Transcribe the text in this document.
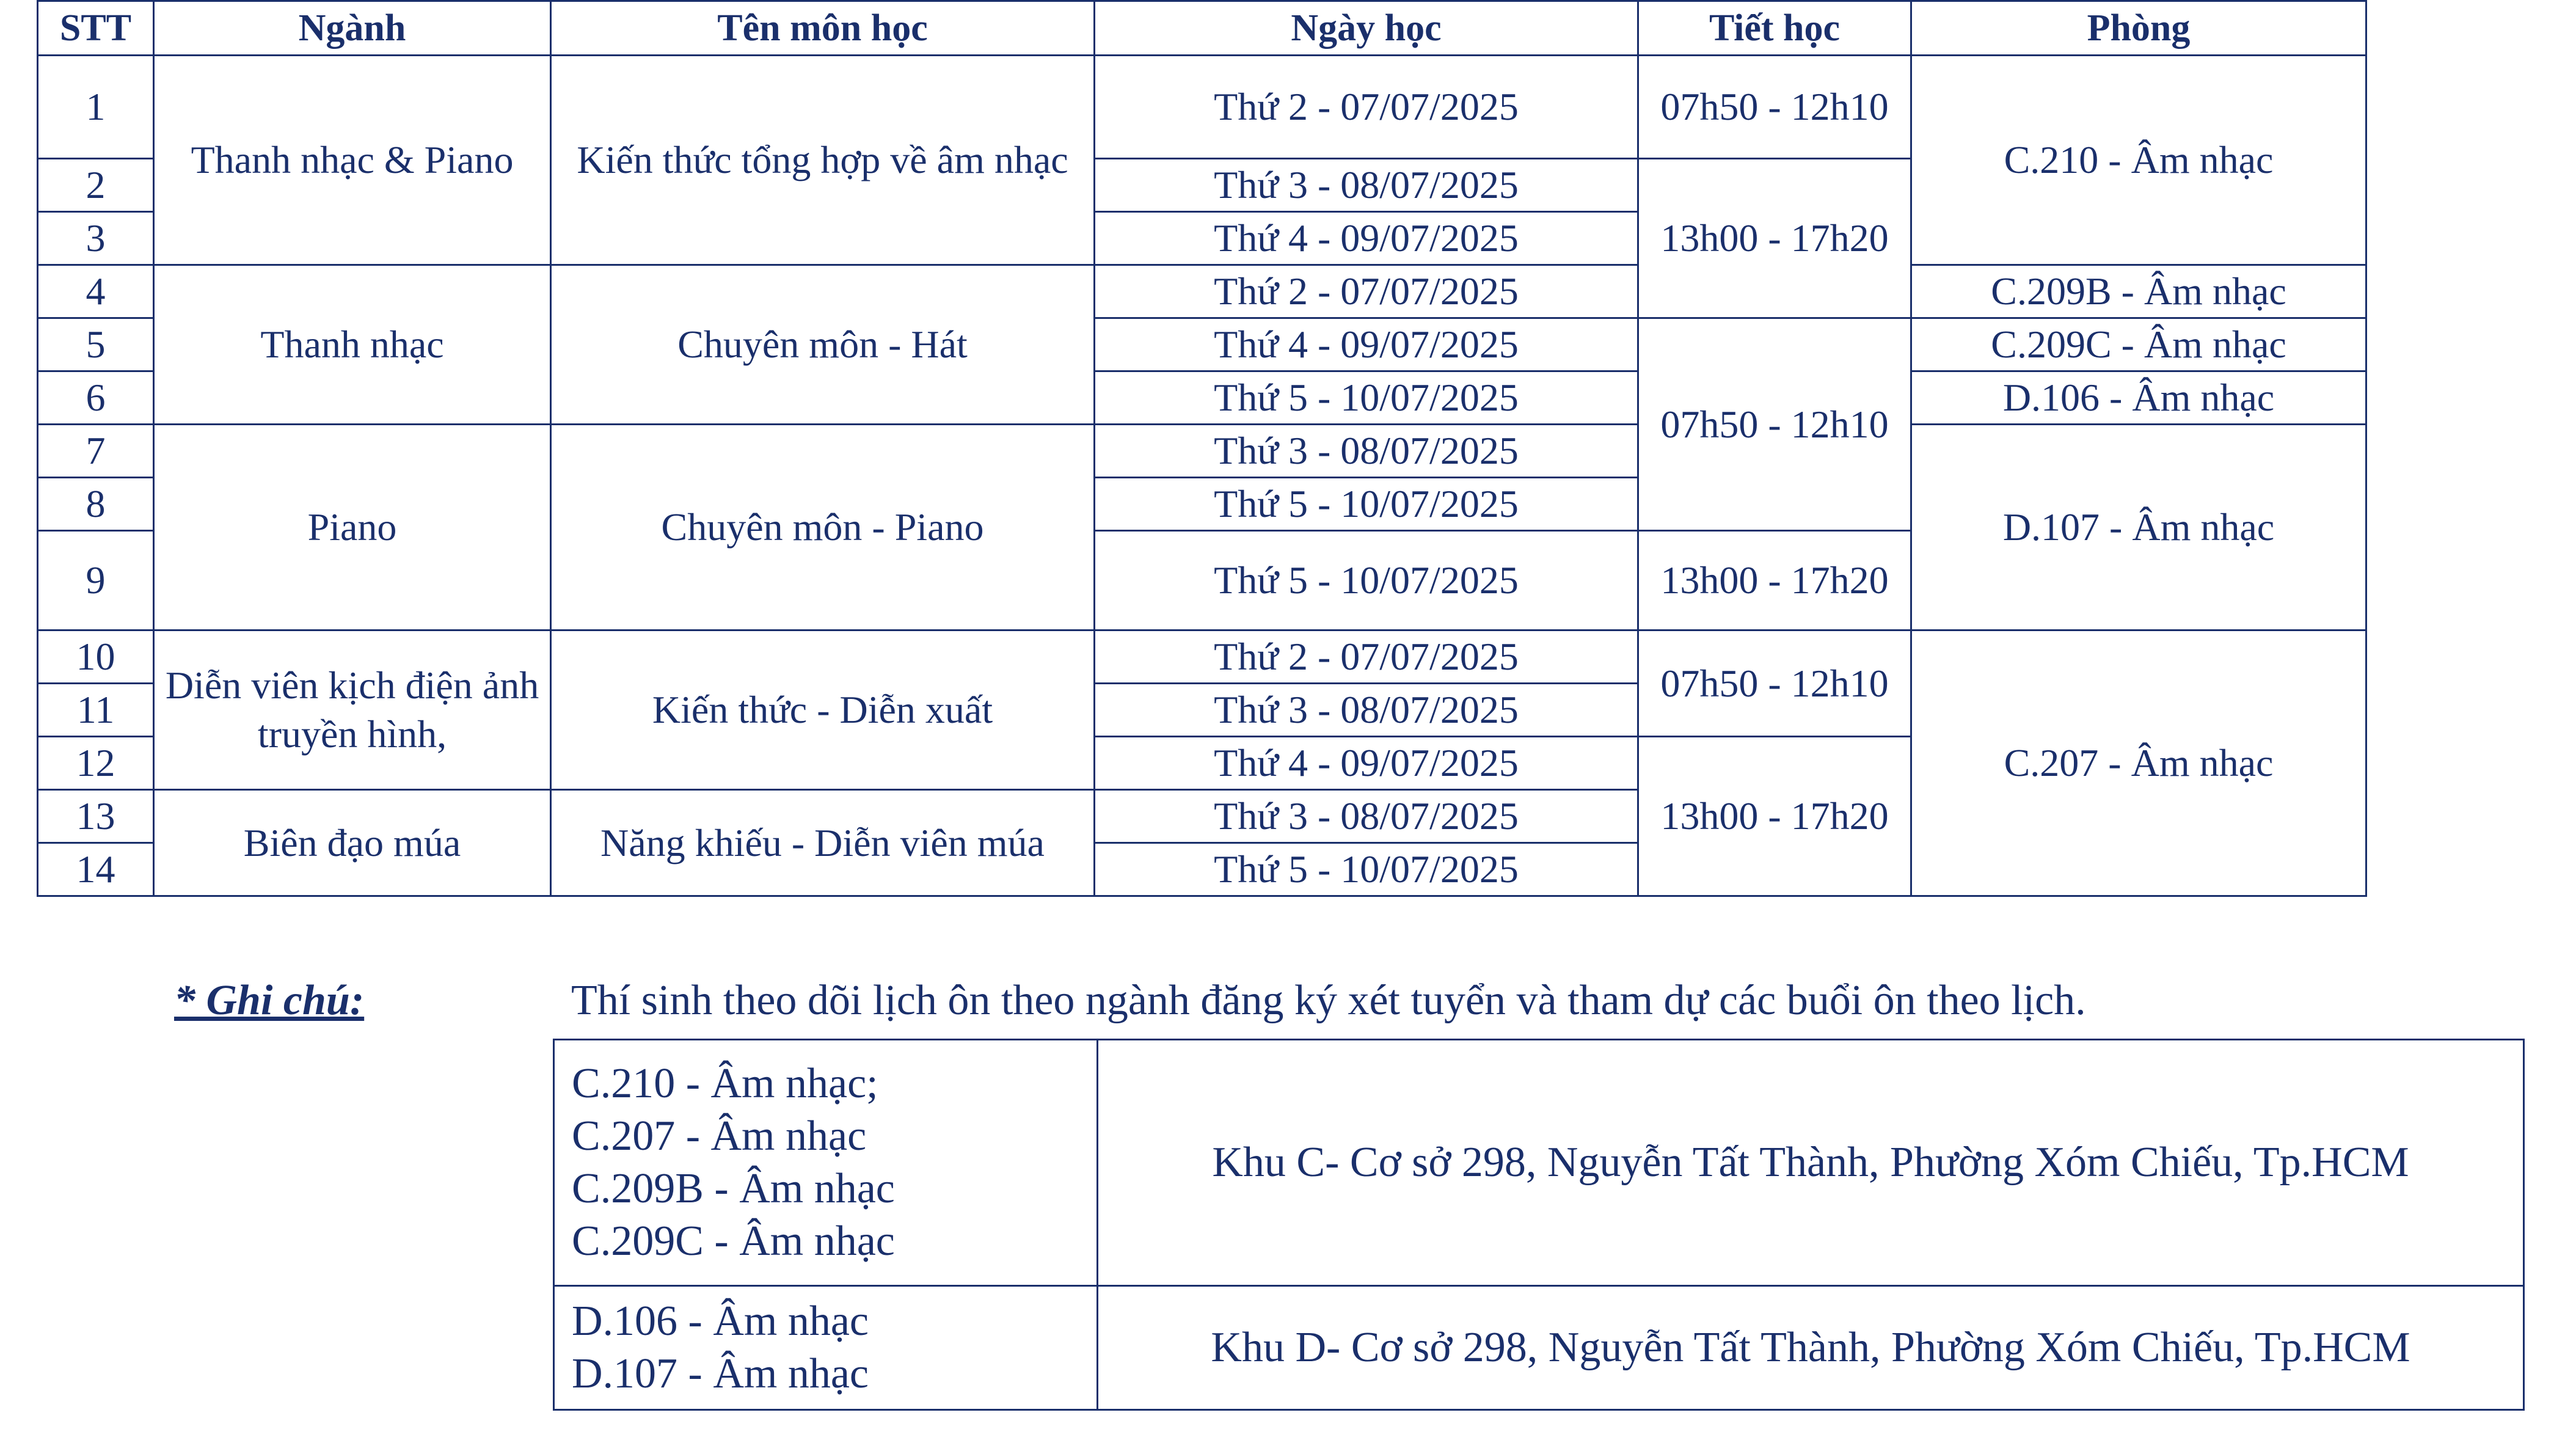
STT	Ngành	Tên môn học	Ngày học	Tiết học	Phòng
1	Thanh nhạc & Piano	Kiến thức tổng hợp về âm nhạc	Thứ 2 - 07/07/2025	07h50 - 12h10	C.210 - Âm nhạc
2			Thứ 3 - 08/07/2025	13h00 - 17h20	
3			Thứ 4 - 09/07/2025		
4	Thanh nhạc	Chuyên môn - Hát	Thứ 2 - 07/07/2025		C.209B - Âm nhạc
5			Thứ 4 - 09/07/2025	07h50 - 12h10	C.209C - Âm nhạc
6			Thứ 5 - 10/07/2025		D.106 - Âm nhạc
7	Piano	Chuyên môn - Piano	Thứ 3 - 08/07/2025		D.107 - Âm nhạc
8			Thứ 5 - 10/07/2025		
9			Thứ 5 - 10/07/2025	13h00 - 17h20	
10	Diễn viên kịch điện ảnh truyền hình,	Kiến thức - Diễn xuất	Thứ 2 - 07/07/2025	07h50 - 12h10	C.207 - Âm nhạc
11			Thứ 3 - 08/07/2025		
12			Thứ 4 - 09/07/2025	13h00 - 17h20	
13	Biên đạo múa	Năng khiếu - Diễn viên múa	Thứ 3 - 08/07/2025		
14			Thứ 5 - 10/07/2025		
* Ghi chú:	Thí sinh theo dõi lịch ôn theo ngành đăng ký xét tuyển và tham dự các buổi ôn theo lịch.
C.210 - Âm nhạc;
C.207 - Âm nhạc
C.209B - Âm nhạc
C.209C - Âm nhạc	Khu C- Cơ sở 298, Nguyễn Tất Thành, Phường Xóm Chiếu, Tp.HCM

D.106 - Âm nhạc
D.107 - Âm nhạc	Khu D- Cơ sở 298, Nguyễn Tất Thành, Phường Xóm Chiếu, Tp.HCM
